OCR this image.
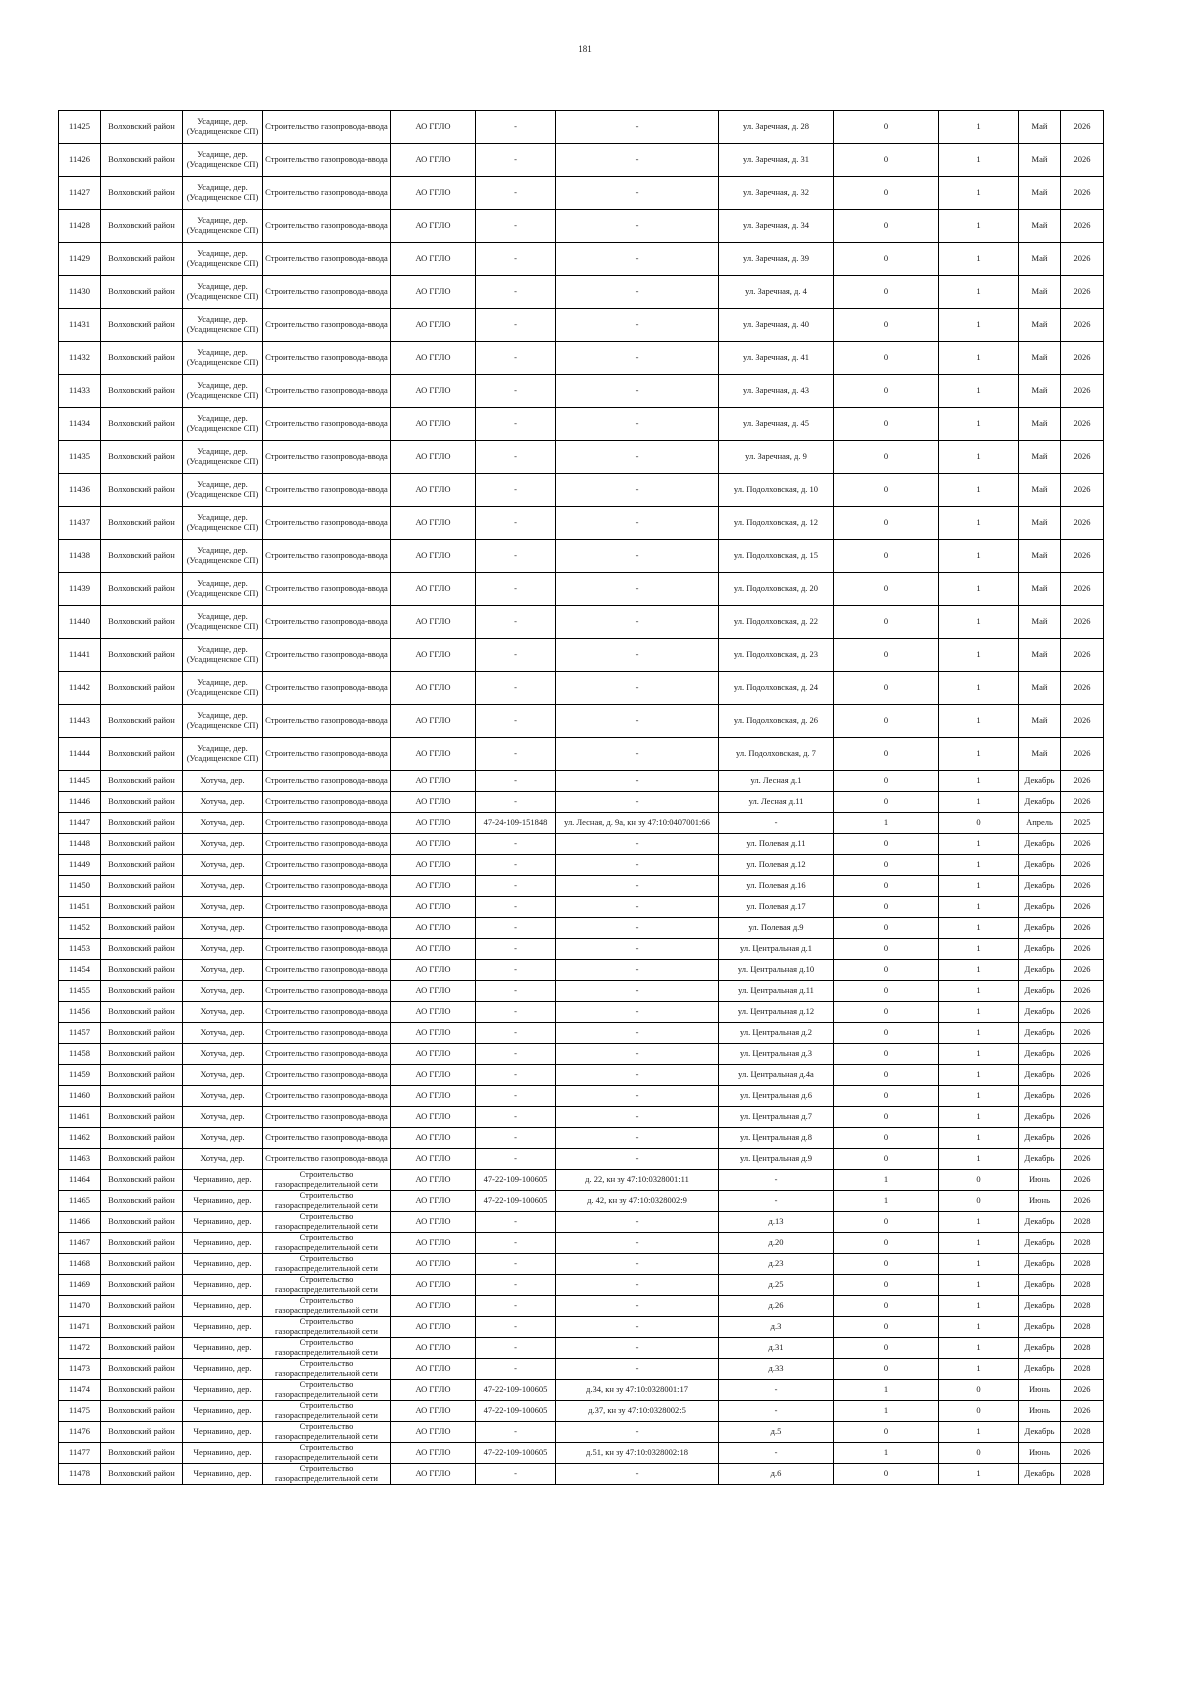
181
11425	Волховский район	Усадище, дер. (Усадищенское СП)	Строительство газопровода-ввода	АО ГГЛО	-	-	ул. Заречная, д. 28	0	1	Май	2026
11426	Волховский район	Усадище, дер. (Усадищенское СП)	Строительство газопровода-ввода	АО ГГЛО	-	-	ул. Заречная, д. 31	0	1	Май	2026
11427	Волховский район	Усадище, дер. (Усадищенское СП)	Строительство газопровода-ввода	АО ГГЛО	-	-	ул. Заречная, д. 32	0	1	Май	2026
11428	Волховский район	Усадище, дер. (Усадищенское СП)	Строительство газопровода-ввода	АО ГГЛО	-	-	ул. Заречная, д. 34	0	1	Май	2026
11429	Волховский район	Усадище, дер. (Усадищенское СП)	Строительство газопровода-ввода	АО ГГЛО	-	-	ул. Заречная, д. 39	0	1	Май	2026
11430	Волховский район	Усадище, дер. (Усадищенское СП)	Строительство газопровода-ввода	АО ГГЛО	-	-	ул. Заречная, д. 4	0	1	Май	2026
11431	Волховский район	Усадище, дер. (Усадищенское СП)	Строительство газопровода-ввода	АО ГГЛО	-	-	ул. Заречная, д. 40	0	1	Май	2026
11432	Волховский район	Усадище, дер. (Усадищенское СП)	Строительство газопровода-ввода	АО ГГЛО	-	-	ул. Заречная, д. 41	0	1	Май	2026
11433	Волховский район	Усадище, дер. (Усадищенское СП)	Строительство газопровода-ввода	АО ГГЛО	-	-	ул. Заречная, д. 43	0	1	Май	2026
11434	Волховский район	Усадище, дер. (Усадищенское СП)	Строительство газопровода-ввода	АО ГГЛО	-	-	ул. Заречная, д. 45	0	1	Май	2026
11435	Волховский район	Усадище, дер. (Усадищенское СП)	Строительство газопровода-ввода	АО ГГЛО	-	-	ул. Заречная, д. 9	0	1	Май	2026
11436	Волховский район	Усадище, дер. (Усадищенское СП)	Строительство газопровода-ввода	АО ГГЛО	-	-	ул. Подолховская, д. 10	0	1	Май	2026
11437	Волховский район	Усадище, дер. (Усадищенское СП)	Строительство газопровода-ввода	АО ГГЛО	-	-	ул. Подолховская, д. 12	0	1	Май	2026
11438	Волховский район	Усадище, дер. (Усадищенское СП)	Строительство газопровода-ввода	АО ГГЛО	-	-	ул. Подолховская, д. 15	0	1	Май	2026
11439	Волховский район	Усадище, дер. (Усадищенское СП)	Строительство газопровода-ввода	АО ГГЛО	-	-	ул. Подолховская, д. 20	0	1	Май	2026
11440	Волховский район	Усадище, дер. (Усадищенское СП)	Строительство газопровода-ввода	АО ГГЛО	-	-	ул. Подолховская, д. 22	0	1	Май	2026
11441	Волховский район	Усадище, дер. (Усадищенское СП)	Строительство газопровода-ввода	АО ГГЛО	-	-	ул. Подолховская, д. 23	0	1	Май	2026
11442	Волховский район	Усадище, дер. (Усадищенское СП)	Строительство газопровода-ввода	АО ГГЛО	-	-	ул. Подолховская, д. 24	0	1	Май	2026
11443	Волховский район	Усадище, дер. (Усадищенское СП)	Строительство газопровода-ввода	АО ГГЛО	-	-	ул. Подолховская, д. 26	0	1	Май	2026
11444	Волховский район	Усадище, дер. (Усадищенское СП)	Строительство газопровода-ввода	АО ГГЛО	-	-	ул. Подолховская, д. 7	0	1	Май	2026
11445	Волховский район	Хотуча, дер.	Строительство газопровода-ввода	АО ГГЛО	-	-	ул. Лесная д.1	0	1	Декабрь	2026
11446	Волховский район	Хотуча, дер.	Строительство газопровода-ввода	АО ГГЛО	-	-	ул. Лесная д.11	0	1	Декабрь	2026
11447	Волховский район	Хотуча, дер.	Строительство газопровода-ввода	АО ГГЛО	47-24-109-151848	ул. Лесная, д. 9а, кн зу 47:10:0407001:66	-	1	0	Апрель	2025
11448	Волховский район	Хотуча, дер.	Строительство газопровода-ввода	АО ГГЛО	-	-	ул. Полевая д.11	0	1	Декабрь	2026
11449	Волховский район	Хотуча, дер.	Строительство газопровода-ввода	АО ГГЛО	-	-	ул. Полевая д.12	0	1	Декабрь	2026
11450	Волховский район	Хотуча, дер.	Строительство газопровода-ввода	АО ГГЛО	-	-	ул. Полевая д.16	0	1	Декабрь	2026
11451	Волховский район	Хотуча, дер.	Строительство газопровода-ввода	АО ГГЛО	-	-	ул. Полевая д.17	0	1	Декабрь	2026
11452	Волховский район	Хотуча, дер.	Строительство газопровода-ввода	АО ГГЛО	-	-	ул. Полевая д.9	0	1	Декабрь	2026
11453	Волховский район	Хотуча, дер.	Строительство газопровода-ввода	АО ГГЛО	-	-	ул. Центральная д.1	0	1	Декабрь	2026
11454	Волховский район	Хотуча, дер.	Строительство газопровода-ввода	АО ГГЛО	-	-	ул. Центральная д.10	0	1	Декабрь	2026
11455	Волховский район	Хотуча, дер.	Строительство газопровода-ввода	АО ГГЛО	-	-	ул. Центральная д.11	0	1	Декабрь	2026
11456	Волховский район	Хотуча, дер.	Строительство газопровода-ввода	АО ГГЛО	-	-	ул. Центральная д.12	0	1	Декабрь	2026
11457	Волховский район	Хотуча, дер.	Строительство газопровода-ввода	АО ГГЛО	-	-	ул. Центральная д.2	0	1	Декабрь	2026
11458	Волховский район	Хотуча, дер.	Строительство газопровода-ввода	АО ГГЛО	-	-	ул. Центральная д.3	0	1	Декабрь	2026
11459	Волховский район	Хотуча, дер.	Строительство газопровода-ввода	АО ГГЛО	-	-	ул. Центральная д.4а	0	1	Декабрь	2026
11460	Волховский район	Хотуча, дер.	Строительство газопровода-ввода	АО ГГЛО	-	-	ул. Центральная д.6	0	1	Декабрь	2026
11461	Волховский район	Хотуча, дер.	Строительство газопровода-ввода	АО ГГЛО	-	-	ул. Центральная д.7	0	1	Декабрь	2026
11462	Волховский район	Хотуча, дер.	Строительство газопровода-ввода	АО ГГЛО	-	-	ул. Центральная д.8	0	1	Декабрь	2026
11463	Волховский район	Хотуча, дер.	Строительство газопровода-ввода	АО ГГЛО	-	-	ул. Центральная д.9	0	1	Декабрь	2026
11464	Волховский район	Чернавино, дер.	Строительство газораспределительной сети	АО ГГЛО	47-22-109-100605	д. 22, кн зу 47:10:0328001:11	-	1	0	Июнь	2026
11465	Волховский район	Чернавино, дер.	Строительство газораспределительной сети	АО ГГЛО	47-22-109-100605	д. 42, кн зу 47:10:0328002:9	-	1	0	Июнь	2026
11466	Волховский район	Чернавино, дер.	Строительство газораспределительной сети	АО ГГЛО	-	-	д.13	0	1	Декабрь	2028
11467	Волховский район	Чернавино, дер.	Строительство газораспределительной сети	АО ГГЛО	-	-	д.20	0	1	Декабрь	2028
11468	Волховский район	Чернавино, дер.	Строительство газораспределительной сети	АО ГГЛО	-	-	д.23	0	1	Декабрь	2028
11469	Волховский район	Чернавино, дер.	Строительство газораспределительной сети	АО ГГЛО	-	-	д.25	0	1	Декабрь	2028
11470	Волховский район	Чернавино, дер.	Строительство газораспределительной сети	АО ГГЛО	-	-	д.26	0	1	Декабрь	2028
11471	Волховский район	Чернавино, дер.	Строительство газораспределительной сети	АО ГГЛО	-	-	д.3	0	1	Декабрь	2028
11472	Волховский район	Чернавино, дер.	Строительство газораспределительной сети	АО ГГЛО	-	-	д.31	0	1	Декабрь	2028
11473	Волховский район	Чернавино, дер.	Строительство газораспределительной сети	АО ГГЛО	-	-	д.33	0	1	Декабрь	2028
11474	Волховский район	Чернавино, дер.	Строительство газораспределительной сети	АО ГГЛО	47-22-109-100605	д.34, кн зу 47:10:0328001:17	-	1	0	Июнь	2026
11475	Волховский район	Чернавино, дер.	Строительство газораспределительной сети	АО ГГЛО	47-22-109-100605	д.37, кн зу 47:10:0328002:5	-	1	0	Июнь	2026
11476	Волховский район	Чернавино, дер.	Строительство газораспределительной сети	АО ГГЛО	-	-	д.5	0	1	Декабрь	2028
11477	Волховский район	Чернавино, дер.	Строительство газораспределительной сети	АО ГГЛО	47-22-109-100605	д.51, кн зу 47:10:0328002:18	-	1	0	Июнь	2026
11478	Волховский район	Чернавино, дер.	Строительство газораспределительной сети	АО ГГЛО	-	-	д.6	0	1	Декабрь	2028
